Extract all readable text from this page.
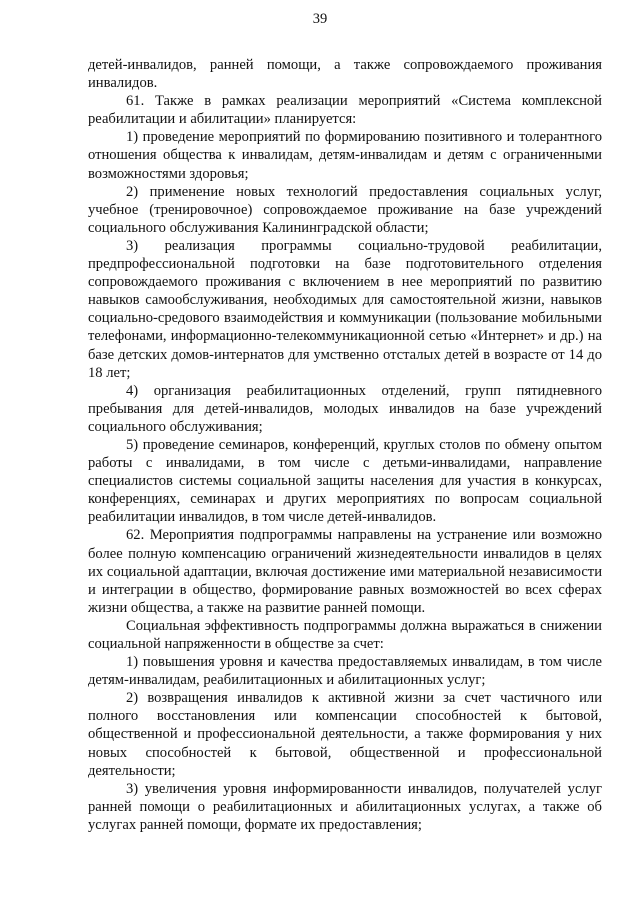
39

детей-инвалидов, ранней помощи, а также сопровождаемого проживания инвалидов.

61. Также в рамках реализации мероприятий «Система комплексной реабилитации и абилитации» планируется:

1) проведение мероприятий по формированию позитивного и толерантного отношения общества к инвалидам, детям-инвалидам и детям с ограниченными возможностями здоровья;

2) применение новых технологий предоставления социальных услуг, учебное (тренировочное) сопровождаемое проживание на базе учреждений социального обслуживания Калининградской области;

3) реализация программы социально-трудовой реабилитации, предпрофессиональной подготовки на базе подготовительного отделения сопровождаемого проживания с включением в нее мероприятий по развитию навыков самообслуживания, необходимых для самостоятельной жизни, навыков социально-средового взаимодействия и коммуникации (пользование мобильными телефонами, информационно-телекоммуникационной сетью «Интернет» и др.) на базе детских домов-интернатов для умственно отсталых детей в возрасте от 14 до 18 лет;

4) организация реабилитационных отделений, групп пятидневного пребывания для детей-инвалидов, молодых инвалидов на базе учреждений социального обслуживания;

5) проведение семинаров, конференций, круглых столов по обмену опытом работы с инвалидами, в том числе с детьми-инвалидами, направление специалистов системы социальной защиты населения для участия в конкурсах, конференциях, семинарах и других мероприятиях по вопросам социальной реабилитации инвалидов, в том числе детей-инвалидов.

62. Мероприятия подпрограммы направлены на устранение или возможно более полную компенсацию ограничений жизнедеятельности инвалидов в целях их социальной адаптации, включая достижение ими материальной независимости и интеграции в общество, формирование равных возможностей во всех сферах жизни общества, а также на развитие ранней помощи.

Социальная эффективность подпрограммы должна выражаться в снижении социальной напряженности в обществе за счет:

1) повышения уровня и качества предоставляемых инвалидам, в том числе детям-инвалидам, реабилитационных и абилитационных услуг;

2) возвращения инвалидов к активной жизни за счет частичного или полного восстановления или компенсации способностей к бытовой, общественной и профессиональной деятельности, а также формирования у них новых способностей к бытовой, общественной и профессиональной деятельности;

3) увеличения уровня информированности инвалидов, получателей услуг ранней помощи о реабилитационных и абилитационных услугах, а также об услугах ранней помощи, формате их предоставления;
